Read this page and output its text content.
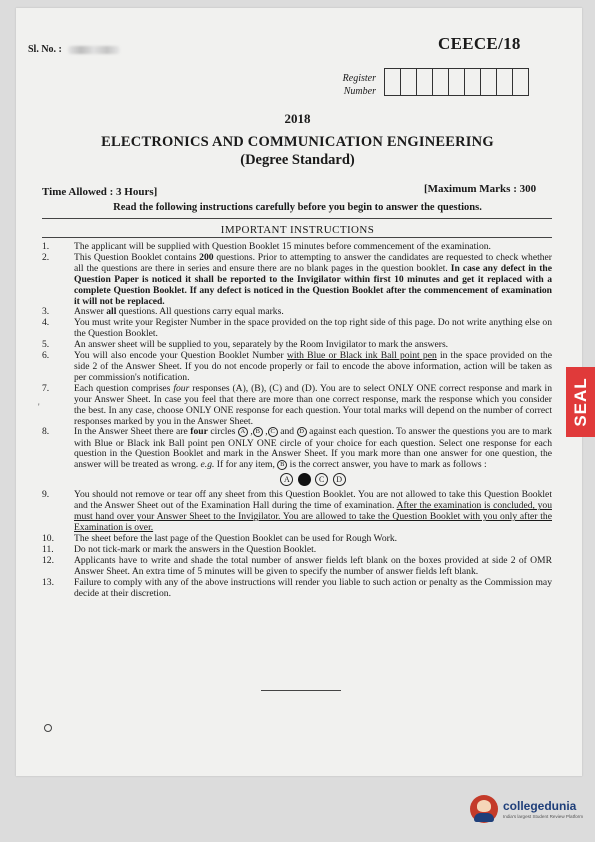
Sl. No. :	CEECE/18
Register
Number
2018
ELECTRONICS AND COMMUNICATION ENGINEERING
(Degree Standard)
Time Allowed : 3 Hours]	[Maximum Marks : 300
Read the following instructions carefully before you begin to answer the questions.
IMPORTANT INSTRUCTIONS
1.	The applicant will be supplied with Question Booklet 15 minutes before commencement of the examination.
2.	This Question Booklet contains 200 questions. Prior to attempting to answer the candidates are requested to check whether all the questions are there in series and ensure there are no blank pages in the question booklet. In case any defect in the Question Paper is noticed it shall be reported to the Invigilator within first 10 minutes and get it replaced with a complete Question Booklet. If any defect is noticed in the Question Booklet after the commencement of examination it will not be replaced.
3.	Answer all questions. All questions carry equal marks.
4.	You must write your Register Number in the space provided on the top right side of this page. Do not write anything else on the Question Booklet.
5.	An answer sheet will be supplied to you, separately by the Room Invigilator to mark the answers.
6.	You will also encode your Question Booklet Number with Blue or Black ink Ball point pen in the space provided on the side 2 of the Answer Sheet. If you do not encode properly or fail to encode the above information, action will be taken as per commission's notification.
7.	Each question comprises four responses (A), (B), (C) and (D). You are to select ONLY ONE correct response and mark in your Answer Sheet. In case you feel that there are more than one correct response, mark the response which you consider the best. In any case, choose ONLY ONE response for each question. Your total marks will depend on the number of correct responses marked by you in the Answer Sheet.
8.	In the Answer Sheet there are four circles A , B , C and D against each question. To answer the questions you are to mark with Blue or Black ink Ball point pen ONLY ONE circle of your choice for each question. Select one response for each question in the Question Booklet and mark in the Answer Sheet. If you mark more than one answer for one question, the answer will be treated as wrong. e.g. If for any item, B is the correct answer, you have to mark as follows :
A	C D
9.	You should not remove or tear off any sheet from this Question Booklet. You are not allowed to take this Question Booklet and the Answer Sheet out of the Examination Hall during the time of examination. After the examination is concluded, you must hand over your Answer Sheet to the Invigilator. You are allowed to take the Question Booklet with you only after the Examination is over.
10. The sheet before the last page of the Question Booklet can be used for Rough Work.
11. Do not tick-mark or mark the answers in the Question Booklet.
12. Applicants have to write and shade the total number of answer fields left blank on the boxes provided at side 2 of OMR Answer Sheet. An extra time of 5 minutes will be given to specify the number of answer fields left blank.
13. Failure to comply with any of the above instructions will render you liable to such action or penalty as the Commission may decide at their discretion.
'	SEAL
collegedunia
India's largest Student Review Platform
